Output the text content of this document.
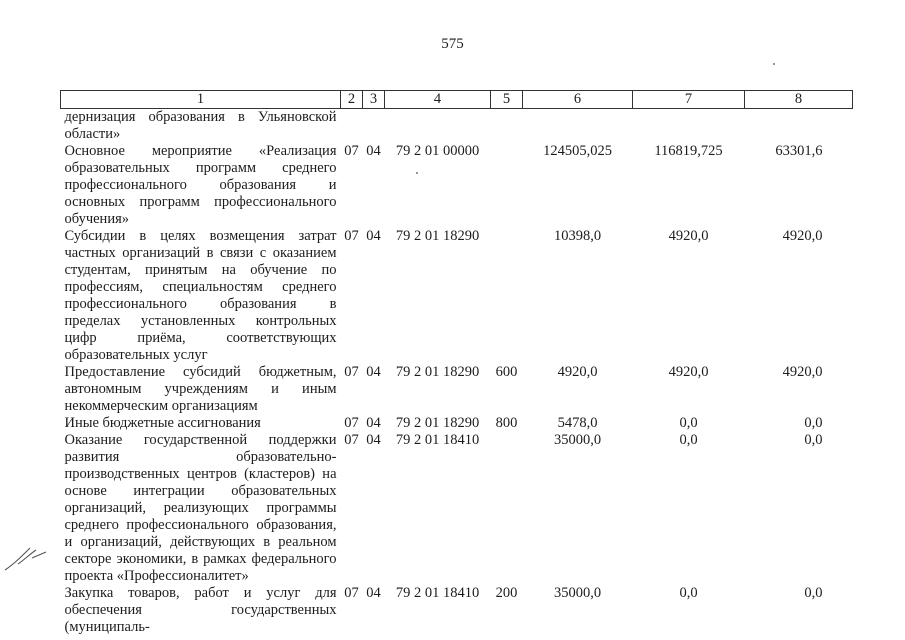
575
1	2	3	4	5	6	7	8
дернизация образования в Ульяновской области»							
Основное мероприятие «Реализация образовательных программ среднего профессионального образования и основных программ профессионального обучения»	07	04	79 2 01 00000		124505,025	116819,725	63301,6
Субсидии в целях возмещения затрат частных организаций в связи с оказанием студентам, принятым на обучение по профессиям, специальностям среднего профессионального образования в пределах установленных контрольных цифр приёма, соответствующих образовательных услуг	07	04	79 2 01 18290		10398,0	4920,0	4920,0
Предоставление субсидий бюджетным, автономным учреждениям и иным некоммерческим организациям	07	04	79 2 01 18290	600	4920,0	4920,0	4920,0
Иные бюджетные ассигнования	07	04	79 2 01 18290	800	5478,0	0,0	0,0
Оказание государственной поддержки развития образовательно-производственных центров (кластеров) на основе интеграции образовательных организаций, реализующих программы среднего профессионального образования, и организаций, действующих в реальном секторе экономики, в рамках федерального проекта «Профессионалитет»	07	04	79 2 01 18410		35000,0	0,0	0,0
Закупка товаров, работ и услуг для обеспечения государственных (муниципаль-	07	04	79 2 01 18410	200	35000,0	0,0	0,0
